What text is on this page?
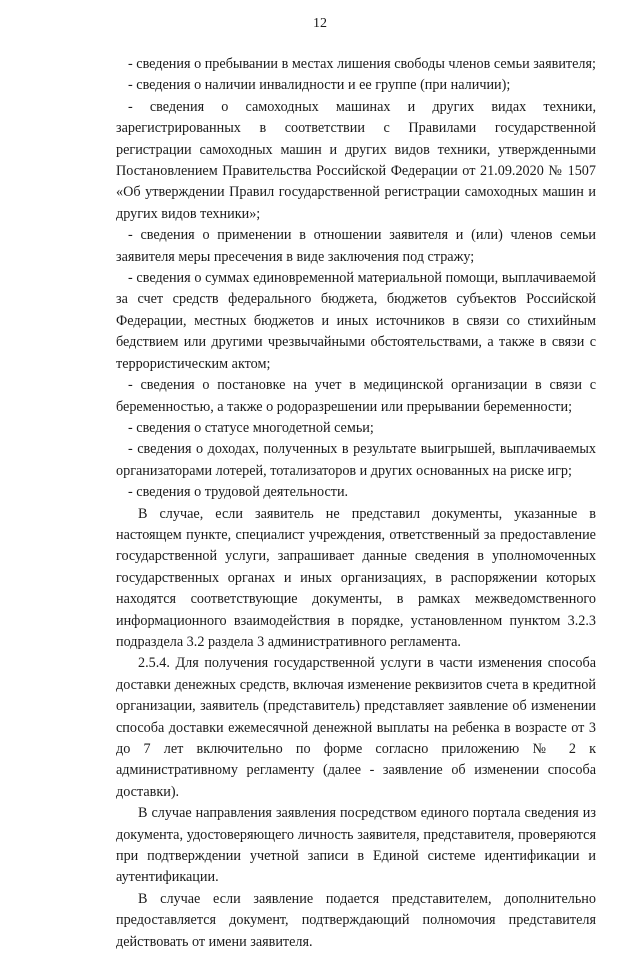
12

- сведения о пребывании в местах лишения свободы членов семьи заявителя;

- сведения о наличии инвалидности и ее группе (при наличии);

- сведения о самоходных машинах и других видах техники, зарегистрированных в соответствии с Правилами государственной регистрации самоходных машин и других видов техники, утвержденными Постановлением Правительства Российской Федерации от 21.09.2020 № 1507 «Об утверждении Правил государственной регистрации самоходных машин и других видов техники»;

- сведения о применении в отношении заявителя и (или) членов семьи заявителя меры пресечения в виде заключения под стражу;

- сведения о суммах единовременной материальной помощи, выплачиваемой за счет средств федерального бюджета, бюджетов субъектов Российской Федерации, местных бюджетов и иных источников в связи со стихийным бедствием или другими чрезвычайными обстоятельствами, а также в связи с террористическим актом;

- сведения о постановке на учет в медицинской организации в связи с беременностью, а также о родоразрешении или прерывании беременности;

- сведения о статусе многодетной семьи;

- сведения о доходах, полученных в результате выигрышей, выплачиваемых организаторами лотерей, тотализаторов и других основанных на риске игр;

- сведения о трудовой деятельности.

В случае, если заявитель не представил документы, указанные в настоящем пункте, специалист учреждения, ответственный за предоставление государственной услуги, запрашивает данные сведения в уполномоченных государственных органах и иных организациях, в распоряжении которых находятся соответствующие документы, в рамках межведомственного информационного взаимодействия в порядке, установленном пунктом 3.2.3 подраздела 3.2 раздела 3 административного регламента.

2.5.4. Для получения государственной услуги в части изменения способа доставки денежных средств, включая изменение реквизитов счета в кредитной организации, заявитель (представитель) представляет заявление об изменении способа доставки ежемесячной денежной выплаты на ребенка в возрасте от 3 до 7 лет включительно по форме согласно приложению № 2 к административному регламенту (далее - заявление об изменении способа доставки).

В случае направления заявления посредством единого портала сведения из документа, удостоверяющего личность заявителя, представителя, проверяются при подтверждении учетной записи в Единой системе идентификации и аутентификации.

В случае если заявление подается представителем, дополнительно предоставляется документ, подтверждающий полномочия представителя действовать от имени заявителя.
